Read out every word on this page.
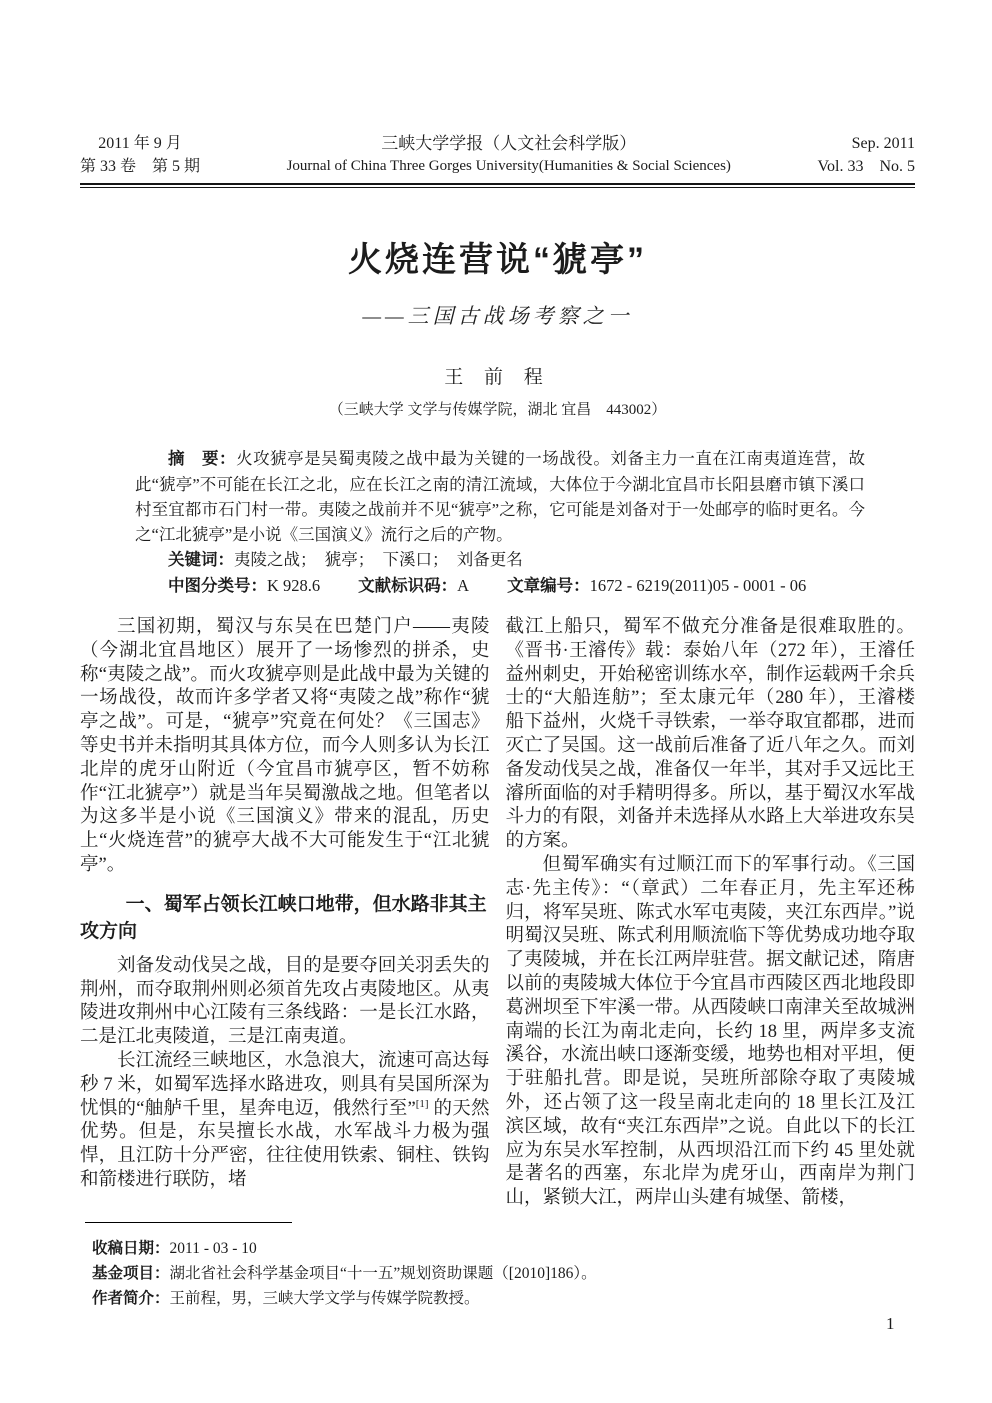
2011 年 9 月
第 33 卷　第 5 期
三峡大学学报（人文社会科学版）
Journal of China Three Gorges University(Humanities & Social Sciences)
Sep. 2011
Vol. 33　No. 5
火烧连营说“猇亭”
——三国古战场考察之一
王 前 程
（三峡大学 文学与传媒学院，湖北 宜昌　443002）

摘　要：火攻猇亭是吴蜀夷陵之战中最为关键的一场战役。刘备主力一直在江南夷道连营，故此“猇亭”不可能在长江之北，应在长江之南的清江流域，大体位于今湖北宜昌市长阳县磨市镇下溪口村至宜都市石门村一带。夷陵之战前并不见“猇亭”之称，它可能是刘备对于一处邮亭的临时更名。今之“江北猇亭”是小说《三国演义》流行之后的产物。

关键词：夷陵之战；　猇亭；　下溪口；　刘备更名

中图分类号：K 928.6 文献标识码：A 文章编号：1672 - 6219(2011)05 - 0001 - 06

三国初期，蜀汉与东吴在巴楚门户——夷陵（今湖北宜昌地区）展开了一场惨烈的拼杀，史称“夷陵之战”。而火攻猇亭则是此战中最为关键的一场战役，故而许多学者又将“夷陵之战”称作“猇亭之战”。可是，“猇亭”究竟在何处？《三国志》等史书并未指明其具体方位，而今人则多认为长江北岸的虎牙山附近（今宜昌市猇亭区，暂不妨称作“江北猇亭”）就是当年吴蜀激战之地。但笔者以为这多半是小说《三国演义》带来的混乱，历史上“火烧连营”的猇亭大战不大可能发生于“江北猇亭”。

一、蜀军占领长江峡口地带，但水路非其主攻方向

刘备发动伐吴之战，目的是要夺回关羽丢失的荆州，而夺取荆州则必须首先攻占夷陵地区。从夷陵进攻荆州中心江陵有三条线路：一是长江水路，二是江北夷陵道，三是江南夷道。

长江流经三峡地区，水急浪大，流速可高达每秒 7 米，如蜀军选择水路进攻，则具有吴国所深为忧惧的“舳舻千里，星奔电迈，俄然行至”[1] 的天然优势。但是，东吴擅长水战，水军战斗力极为强悍，且江防十分严密，往往使用铁索、铜柱、铁钩和箭楼进行联防，堵

截江上船只，蜀军不做充分准备是很难取胜的。《晋书·王濬传》载：泰始八年（272 年），王濬任益州刺史，开始秘密训练水卒，制作运载两千余兵士的“大船连舫”；至太康元年（280 年），王濬楼船下益州，火烧千寻铁索，一举夺取宜都郡，进而灭亡了吴国。这一战前后准备了近八年之久。而刘备发动伐吴之战，准备仅一年半，其对手又远比王濬所面临的对手精明得多。所以，基于蜀汉水军战斗力的有限，刘备并未选择从水路上大举进攻东吴的方案。

但蜀军确实有过顺江而下的军事行动。《三国志·先主传》：“（章武）二年春正月，先主军还秭归，将军吴班、陈式水军屯夷陵，夹江东西岸。”说明蜀汉吴班、陈式利用顺流临下等优势成功地夺取了夷陵城，并在长江两岸驻营。据文献记述，隋唐以前的夷陵城大体位于今宜昌市西陵区西北地段即葛洲坝至下牢溪一带。从西陵峡口南津关至故城洲南端的长江为南北走向，长约 18 里，两岸多支流溪谷，水流出峡口逐渐变缓，地势也相对平坦，便于驻船扎营。即是说，吴班所部除夺取了夷陵城外，还占领了这一段呈南北走向的 18 里长江及江滨区域，故有“夹江东西岸”之说。自此以下的长江应为东吴水军控制，从西坝沿江而下约 45 里处就是著名的西塞，东北岸为虎牙山，西南岸为荆门山，紧锁大江，两岸山头建有城堡、箭楼，

收稿日期：2011 - 03 - 10

基金项目：湖北省社会科学基金项目“十一五”规划资助课题（[2010]186）。

作者简介：王前程，男，三峡大学文学与传媒学院教授。

1
